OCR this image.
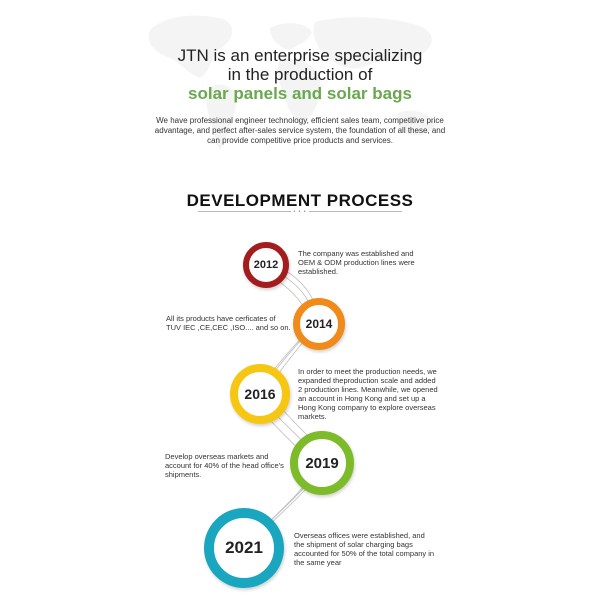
JTN is an enterprise specializing
in the production of
solar panels and solar bags
We have professional engineer technology, efficient sales team, competitive price advantage, and perfect after-sales service system, the foundation of all these, and can provide competitive price products and services.
DEVELOPMENT PROCESS
• • •
2012
2014
2016
2019
2021
The company was established and OEM & ODM production lines were established.
All its products have cerficates of TUV IEC ,CE,CEC ,ISO.... and so on.
In order to meet the production needs, we expanded theproduction scale and added 2 production lines. Meanwhile, we opened an account in Hong Kong and set up a Hong Kong company to explore overseas markets.
Develop overseas markets and account for 40% of the head office's shipments.
Overseas offices were established, and the shipment of solar charging bags accounted for 50% of the total company in the same year
